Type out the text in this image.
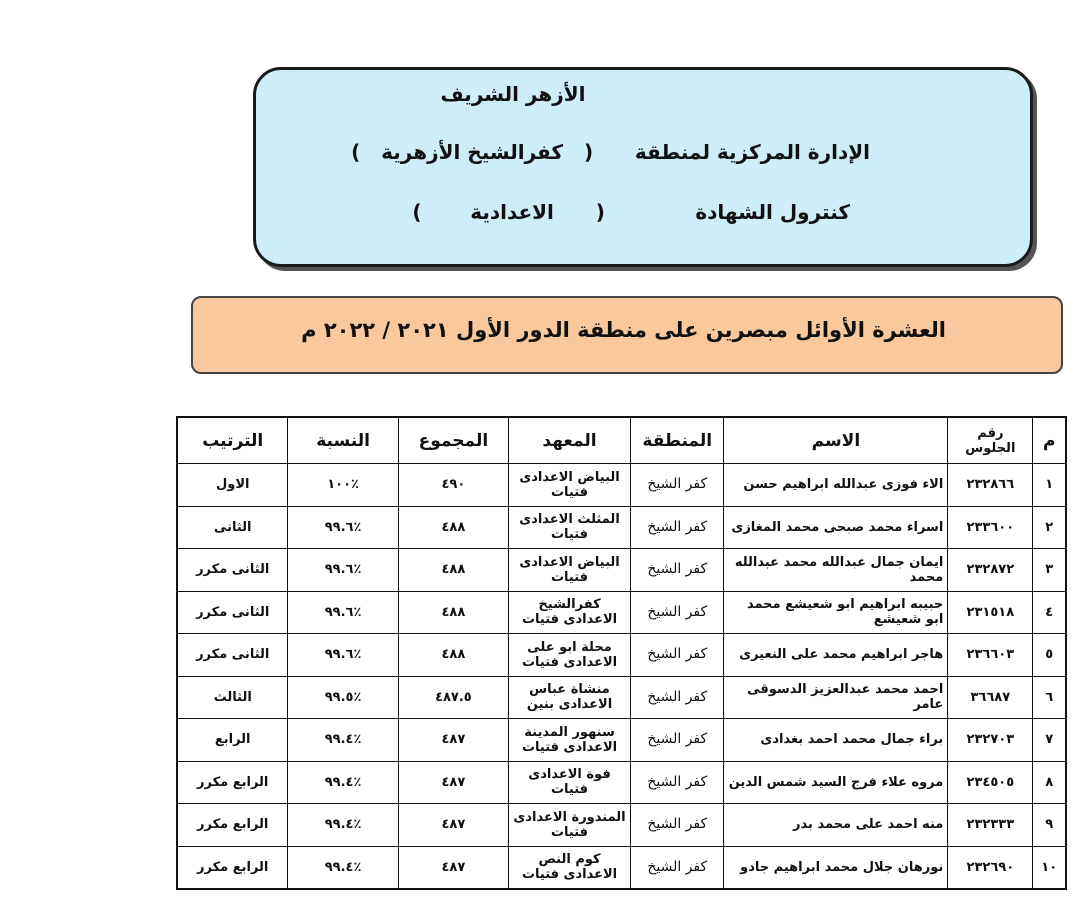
الأزهر الشريف
الإدارة المركزية لمنطقة      (   كفرالشيخ الأزهرية   )
كنترول الشهادة             (      الاعدادية       )
العشرة الأوائل مبصرين على منطقة الدور الأول ٢٠٢١ / ٢٠٢٢ م
م	رقم الجلوس	الاسم	المنطقة	المعهد	المجموع	النسبة	الترتيب
١	٢٣٢٨٦٦	الاء فوزى عبدالله ابراهيم حسن	كفر الشيخ	البياض الاعدادى فتيات	٤٩٠	٪١٠٠	الاول
٢	٢٣٣٦٠٠	اسراء محمد صبحى محمد المغازى	كفر الشيخ	المثلث الاعدادى فتيات	٤٨٨	٪٩٩.٦	الثانى
٣	٢٣٢٨٧٢	ايمان جمال عبدالله محمد عبدالله محمد	كفر الشيخ	البياض الاعدادى فتيات	٤٨٨	٪٩٩.٦	الثانى مكرر
٤	٢٣١٥١٨	حبيبه ابراهيم ابو شعيشع محمد ابو شعيشع	كفر الشيخ	كفرالشيخ الاعدادى فتيات	٤٨٨	٪٩٩.٦	الثانى مكرر
٥	٢٣٦٦٠٣	هاجر ابراهيم محمد على النعيرى	كفر الشيخ	محلة ابو على الاعدادى فتيات	٤٨٨	٪٩٩.٦	الثانى مكرر
٦	٣٦٦٨٧	احمد محمد عبدالعزيز الدسوقى عامر	كفر الشيخ	منشاة عباس الاعدادى بنين	٤٨٧.٥	٪٩٩.٥	الثالث
٧	٢٣٢٧٠٣	براء جمال محمد احمد بغدادى	كفر الشيخ	سنهور المدينة الاعدادى فتيات	٤٨٧	٪٩٩.٤	الرابع
٨	٢٣٤٥٠٥	مروه علاء فرج السيد شمس الدين	كفر الشيخ	فوة الاعدادى فتيات	٤٨٧	٪٩٩.٤	الرابع مكرر
٩	٢٣٢٣٣٣	منه احمد على محمد بدر	كفر الشيخ	المندورة الاعدادى فتيات	٤٨٧	٪٩٩.٤	الرابع مكرر
١٠	٢٣٢٦٩٠	نورهان جلال محمد ابراهيم جادو	كفر الشيخ	كوم النص الاعدادى فتيات	٤٨٧	٪٩٩.٤	الرابع مكرر
